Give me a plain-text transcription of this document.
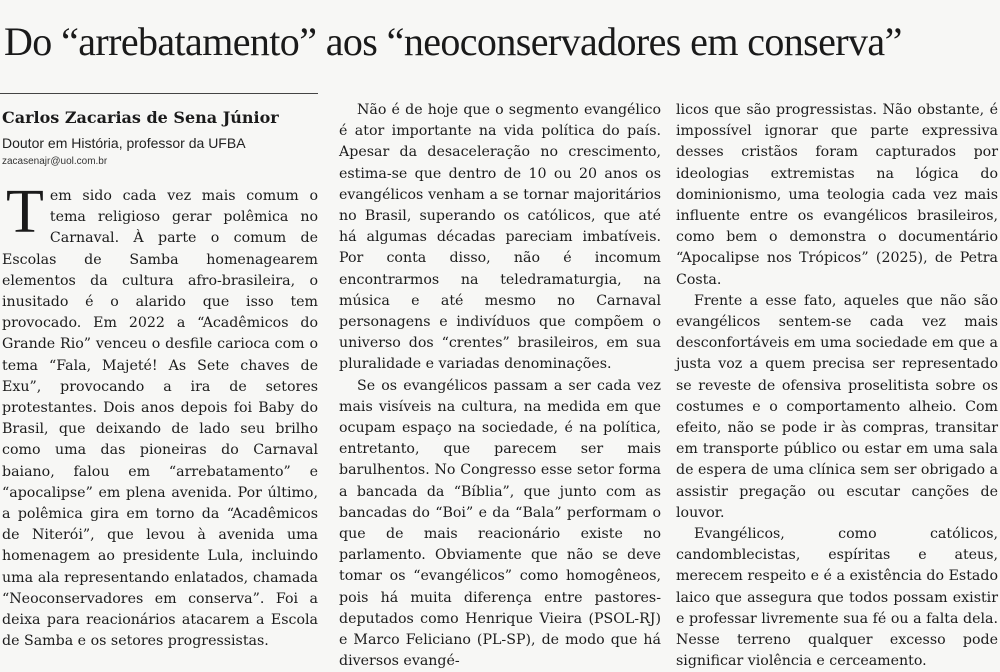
Do “arrebatamento” aos “neoconservadores em conserva”
Carlos Zacarias de Sena Júnior
Doutor em História, professor da UFBA
zacasenajr@uol.com.br

Tem sido cada vez mais comum o tema religioso gerar polêmica no Carnaval. À parte o comum de Escolas de Samba homenagearem elementos da cultura afro-brasileira, o inusitado é o alarido que isso tem provocado. Em 2022 a “Acadêmicos do Grande Rio” venceu o desfile carioca com o tema “Fala, Majeté! As Sete chaves de Exu”, provocando a ira de setores protestantes. Dois anos depois foi Baby do Brasil, que deixando de lado seu brilho como uma das pioneiras do Carnaval baiano, falou em “arrebatamento” e “apocalipse” em plena avenida. Por último, a polêmica gira em torno da “Acadêmicos de Niterói”, que levou à avenida uma homenagem ao presidente Lula, incluindo uma ala representando enlatados, chamada “Neoconservadores em conserva”. Foi a deixa para reacionários atacarem a Escola de Samba e os setores progressistas.

Não é de hoje que o segmento evangélico é ator importante na vida política do país. Apesar da desaceleração no crescimento, estima-se que dentro de 10 ou 20 anos os evangélicos venham a se tornar majoritários no Brasil, superando os católicos, que até há algumas décadas pareciam imbatíveis. Por conta disso, não é incomum encontrarmos na teledramaturgia, na música e até mesmo no Carnaval personagens e indivíduos que compõem o universo dos “crentes” brasileiros, em sua pluralidade e variadas denominações.

Se os evangélicos passam a ser cada vez mais visíveis na cultura, na medida em que ocupam espaço na sociedade, é na política, entretanto, que parecem ser mais barulhentos. No Congresso esse setor forma a bancada da “Bíblia”, que junto com as bancadas do “Boi” e da “Bala” performam o que de mais reacionário existe no parlamento. Obviamente que não se deve tomar os “evangélicos” como homogêneos, pois há muita diferença entre pastores-deputados como Henrique Vieira (PSOL-RJ) e Marco Feliciano (PL-SP), de modo que há diversos evangé-

licos que são progressistas. Não obstante, é impossível ignorar que parte expressiva desses cristãos foram capturados por ideologias extremistas na lógica do dominionismo, uma teologia cada vez mais influente entre os evangélicos brasileiros, como bem o demonstra o documentário “Apocalipse nos Trópicos” (2025), de Petra Costa.

Frente a esse fato, aqueles que não são evangélicos sentem-se cada vez mais desconfortáveis em uma sociedade em que a justa voz a quem precisa ser representado se reveste de ofensiva proselitista sobre os costumes e o comportamento alheio. Com efeito, não se pode ir às compras, transitar em transporte público ou estar em uma sala de espera de uma clínica sem ser obrigado a assistir pregação ou escutar canções de louvor.

Evangélicos, como católicos, candomblecistas, espíritas e ateus, merecem respeito e é a existência do Estado laico que assegura que todos possam existir e professar livremente sua fé ou a falta dela. Nesse terreno qualquer excesso pode significar violência e cerceamento.
